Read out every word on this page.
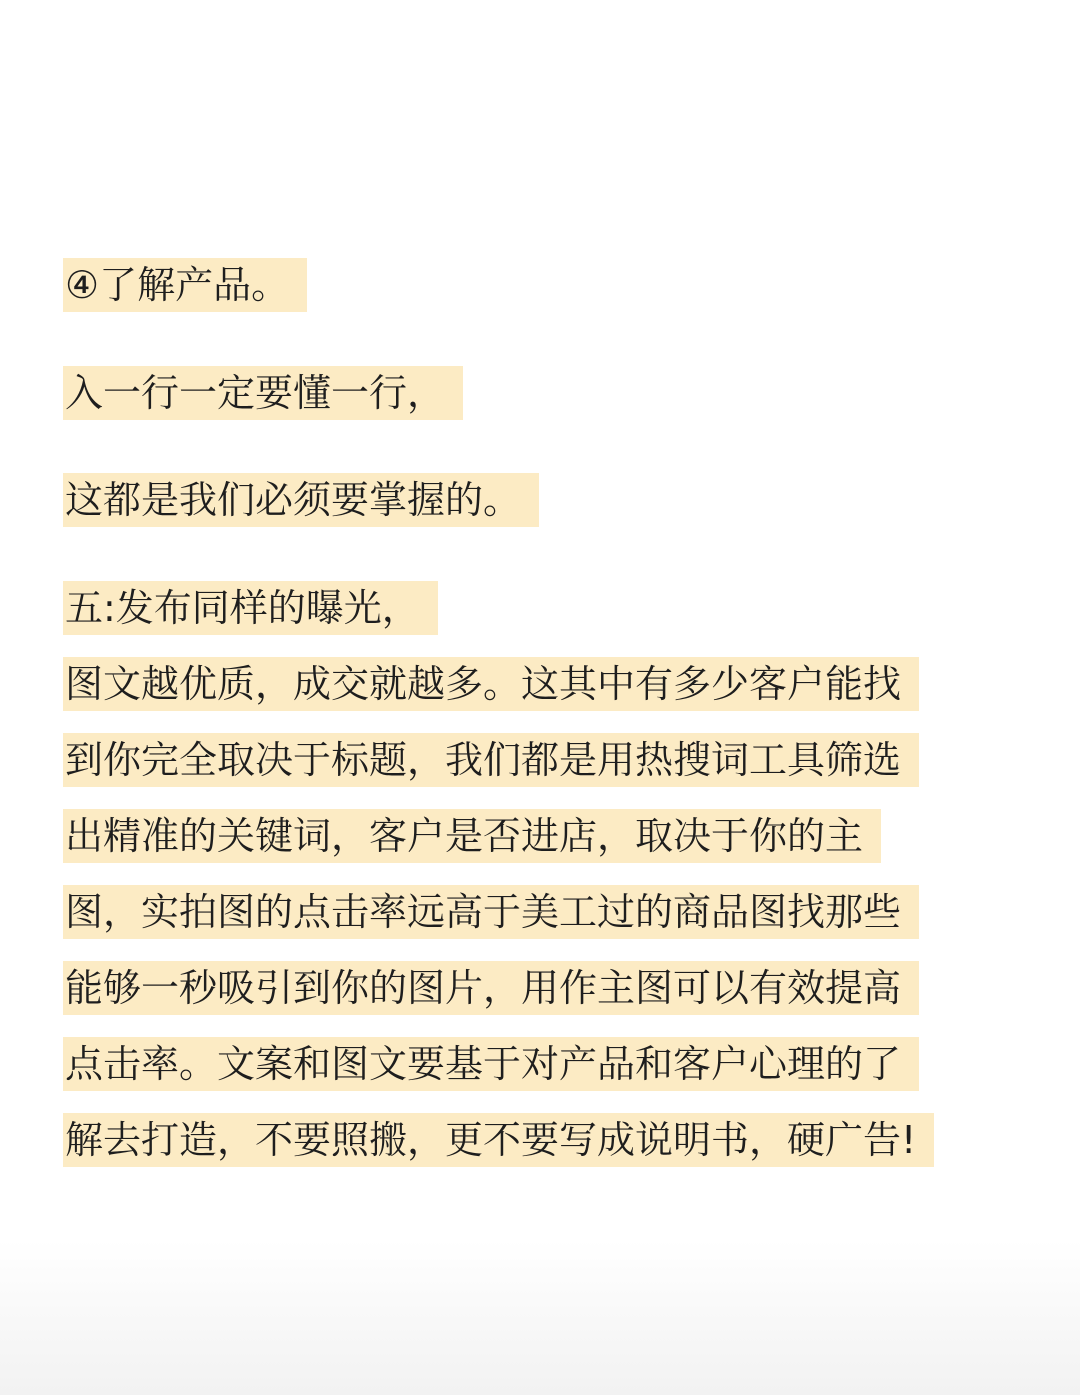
④了解产品。
入一行一定要懂一行，
这都是我们必须要掌握的。
五:发布同样的曝光，
图文越优质，成交就越多。这其中有多少客户能找
到你完全取决于标题，我们都是用热搜词工具筛选
出精准的关键词，客户是否进店，取决于你的主
图，实拍图的点击率远高于美工过的商品图找那些
能够一秒吸引到你的图片，用作主图可以有效提高
点击率。文案和图文要基于对产品和客户心理的了
解去打造，不要照搬，更不要写成说明书，硬广告!
